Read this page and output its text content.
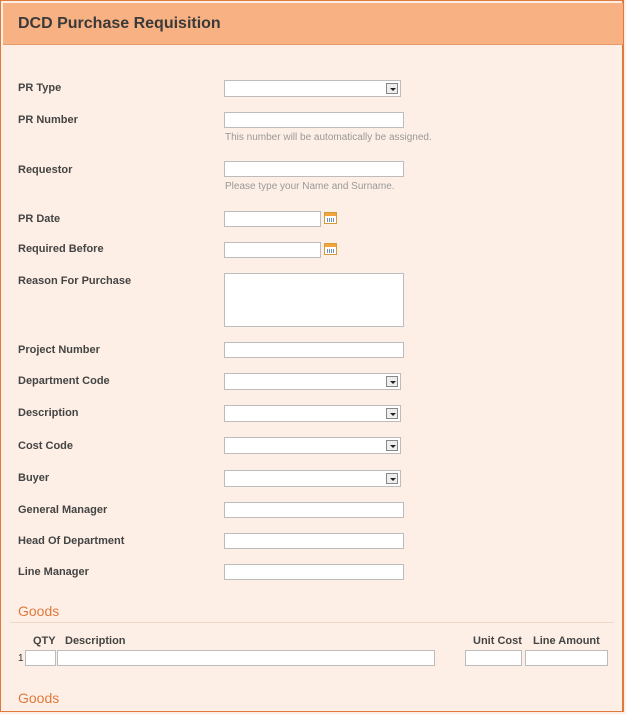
DCD Purchase Requisition
PR Type
PR Number
This number will be automatically be assigned.
Requestor
Please type your Name and Surname.
PR Date
Required Before
Reason For Purchase
Project Number
Department Code
Description
Cost Code
Buyer
General Manager
Head Of Department
Line Manager
Goods
QTY Description	Unit Cost Line Amount
1
Goods
